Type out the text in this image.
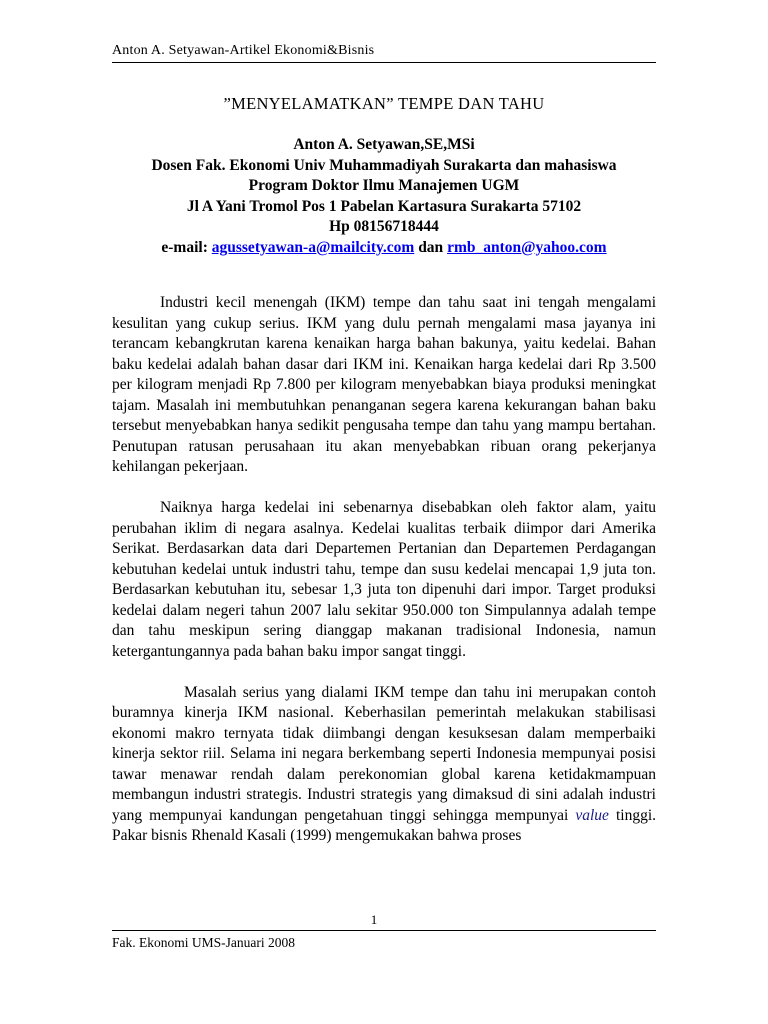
Anton A. Setyawan-Artikel Ekonomi&Bisnis
”MENYELAMATKAN” TEMPE DAN TAHU
Anton A. Setyawan,SE,MSi
Dosen Fak. Ekonomi Univ Muhammadiyah Surakarta dan mahasiswa
Program Doktor Ilmu Manajemen UGM
Jl A Yani Tromol Pos 1 Pabelan Kartasura Surakarta 57102
Hp 08156718444
e-mail: agussetyawan-a@mailcity.com dan rmb_anton@yahoo.com

Industri kecil menengah (IKM) tempe dan tahu saat ini tengah mengalami kesulitan yang cukup serius. IKM yang dulu pernah mengalami masa jayanya ini terancam kebangkrutan karena kenaikan harga bahan bakunya, yaitu kedelai. Bahan baku kedelai adalah bahan dasar dari IKM ini. Kenaikan harga kedelai dari Rp 3.500 per kilogram menjadi Rp 7.800 per kilogram menyebabkan biaya produksi meningkat tajam. Masalah ini membutuhkan penanganan segera karena kekurangan bahan baku tersebut menyebabkan hanya sedikit pengusaha tempe dan tahu yang mampu bertahan. Penutupan ratusan perusahaan itu akan menyebabkan ribuan orang pekerjanya kehilangan pekerjaan.

Naiknya harga kedelai ini sebenarnya disebabkan oleh faktor alam, yaitu perubahan iklim di negara asalnya. Kedelai kualitas terbaik diimpor dari Amerika Serikat. Berdasarkan data dari Departemen Pertanian dan Departemen Perdagangan kebutuhan kedelai untuk industri tahu, tempe dan susu kedelai mencapai 1,9 juta ton. Berdasarkan kebutuhan itu, sebesar 1,3 juta ton dipenuhi dari impor. Target produksi kedelai dalam negeri tahun 2007 lalu sekitar 950.000 ton Simpulannya adalah tempe dan tahu meskipun sering dianggap makanan tradisional Indonesia, namun ketergantungannya pada bahan baku impor sangat tinggi.

Masalah serius yang dialami IKM tempe dan tahu ini merupakan contoh buramnya kinerja IKM nasional. Keberhasilan pemerintah melakukan stabilisasi ekonomi makro ternyata tidak diimbangi dengan kesuksesan dalam memperbaiki kinerja sektor riil. Selama ini negara berkembang seperti Indonesia mempunyai posisi tawar menawar rendah dalam perekonomian global karena ketidakmampuan membangun industri strategis. Industri strategis yang dimaksud di sini adalah industri yang mempunyai kandungan pengetahuan tinggi sehingga mempunyai value tinggi. Pakar bisnis Rhenald Kasali (1999) mengemukakan bahwa proses

1
Fak. Ekonomi UMS-Januari 2008
